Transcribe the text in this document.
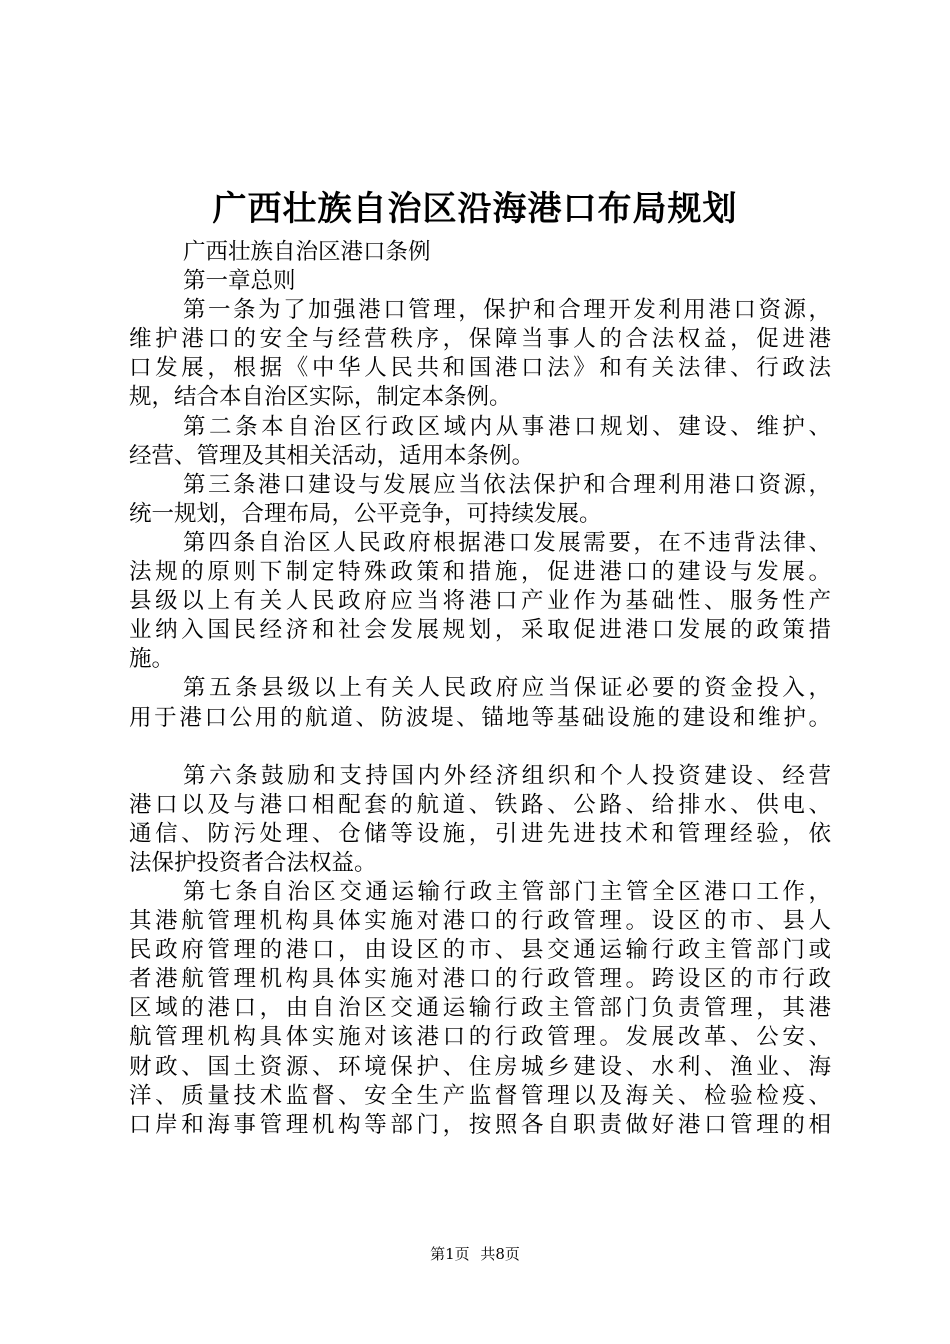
广西壮族自治区沿海港口布局规划
广西壮族自治区港口条例
第一章总则
第一条为了加强港口管理，保护和合理开发利用港口资源，
维护港口的安全与经营秩序，保障当事人的合法权益，促进港
口发展，根据《中华人民共和国港口法》和有关法律、行政法
规，结合本自治区实际，制定本条例。
第二条本自治区行政区域内从事港口规划、建设、维护、
经营、管理及其相关活动，适用本条例。
第三条港口建设与发展应当依法保护和合理利用港口资源，
统一规划，合理布局，公平竞争，可持续发展。
第四条自治区人民政府根据港口发展需要，在不违背法律、
法规的原则下制定特殊政策和措施，促进港口的建设与发展。
县级以上有关人民政府应当将港口产业作为基础性、服务性产
业纳入国民经济和社会发展规划，采取促进港口发展的政策措
施。
第五条县级以上有关人民政府应当保证必要的资金投入，
用于港口公用的航道、防波堤、锚地等基础设施的建设和维护。
第六条鼓励和支持国内外经济组织和个人投资建设、经营
港口以及与港口相配套的航道、铁路、公路、给排水、供电、
通信、防污处理、仓储等设施，引进先进技术和管理经验，依
法保护投资者合法权益。
第七条自治区交通运输行政主管部门主管全区港口工作，
其港航管理机构具体实施对港口的行政管理。设区的市、县人
民政府管理的港口，由设区的市、县交通运输行政主管部门或
者港航管理机构具体实施对港口的行政管理。跨设区的市行政
区域的港口，由自治区交通运输行政主管部门负责管理，其港
航管理机构具体实施对该港口的行政管理。发展改革、公安、
财政、国土资源、环境保护、住房城乡建设、水利、渔业、海
洋、质量技术监督、安全生产监督管理以及海关、检验检疫、
口岸和海事管理机构等部门，按照各自职责做好港口管理的相
第1页 共8页
